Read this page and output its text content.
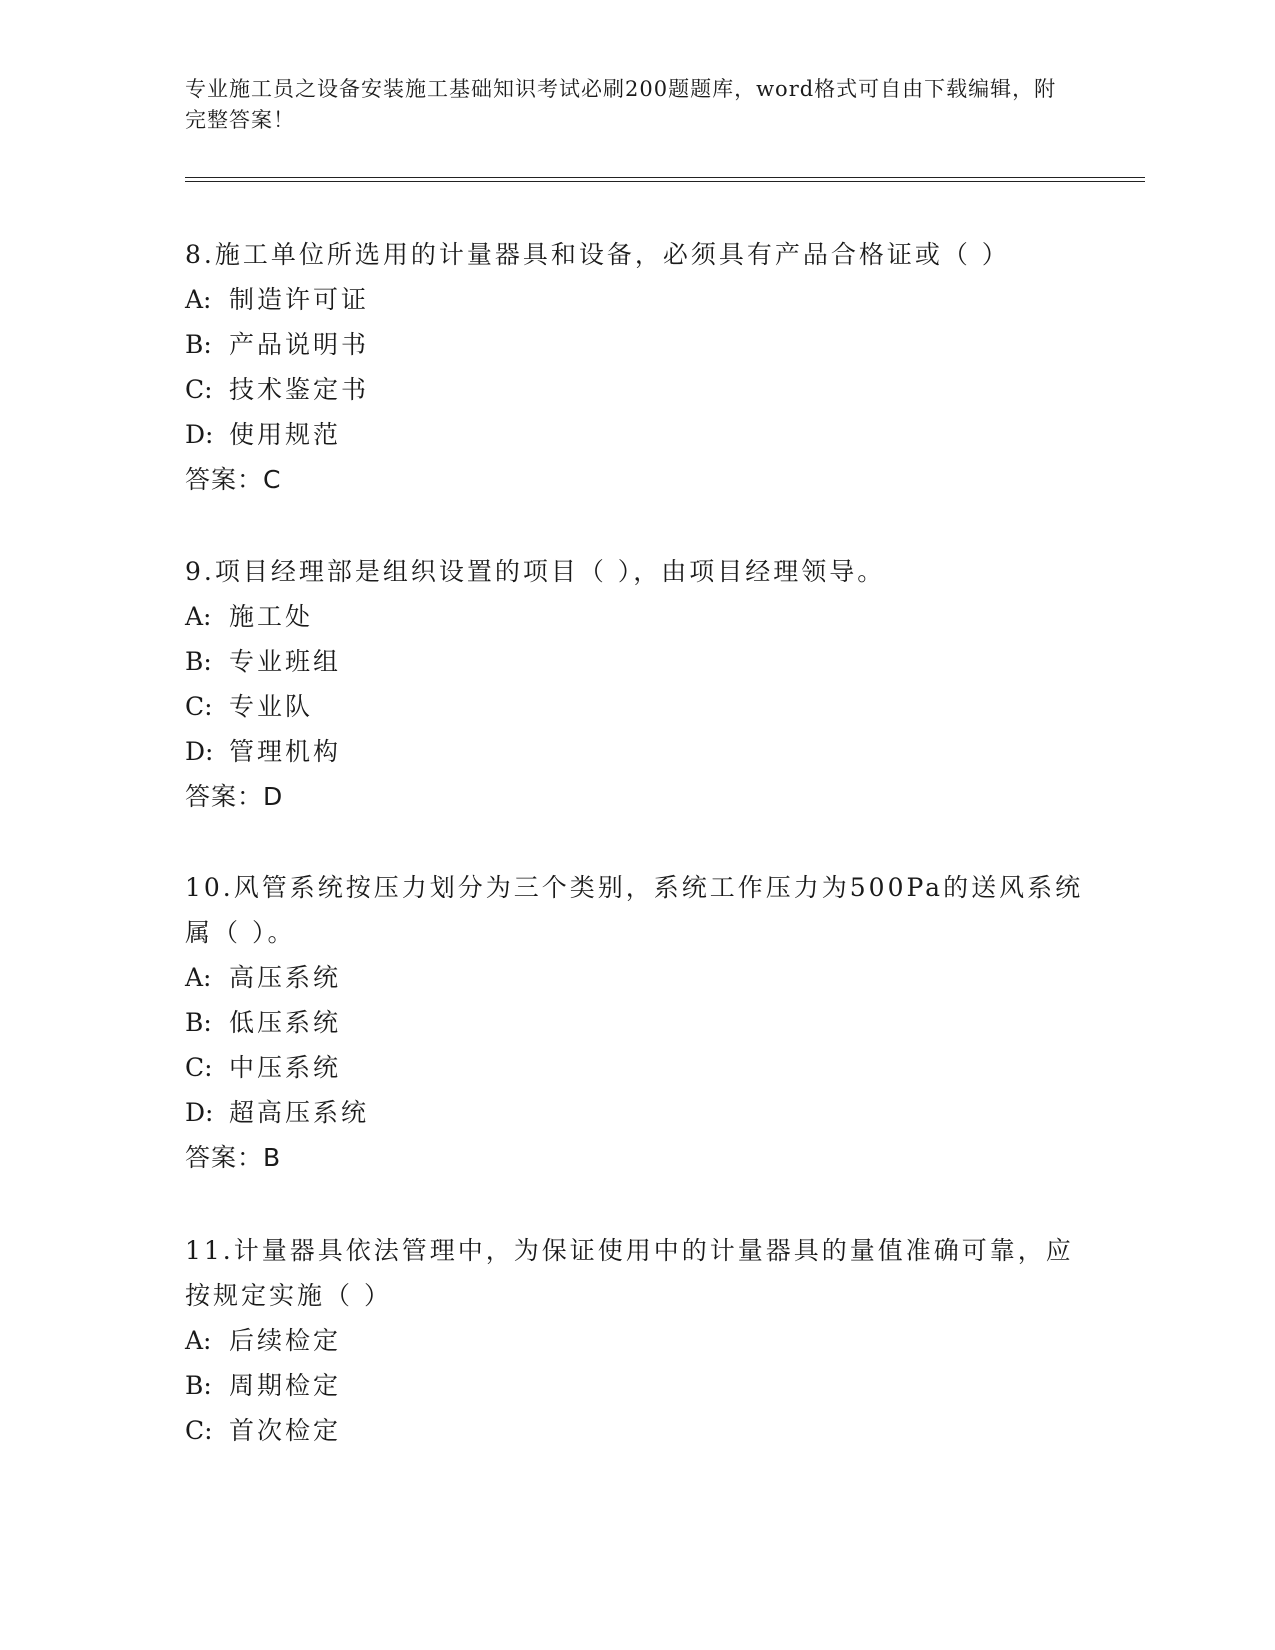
专业施工员之设备安装施工基础知识考试必刷200题题库，word格式可自由下载编辑，附完整答案！

8.施工单位所选用的计量器具和设备，必须具有产品合格证或（ ）

A: 制造许可证

B: 产品说明书

C: 技术鉴定书

D: 使用规范

答案：C

9.项目经理部是组织设置的项目（ ），由项目经理领导。

A: 施工处

B: 专业班组

C: 专业队

D: 管理机构

答案：D

10.风管系统按压力划分为三个类别，系统工作压力为500Pa的送风系统属（ ）。

A: 高压系统

B: 低压系统

C: 中压系统

D: 超高压系统

答案：B

11.计量器具依法管理中，为保证使用中的计量器具的量值准确可靠，应按规定实施（ ）

A: 后续检定

B: 周期检定

C: 首次检定
